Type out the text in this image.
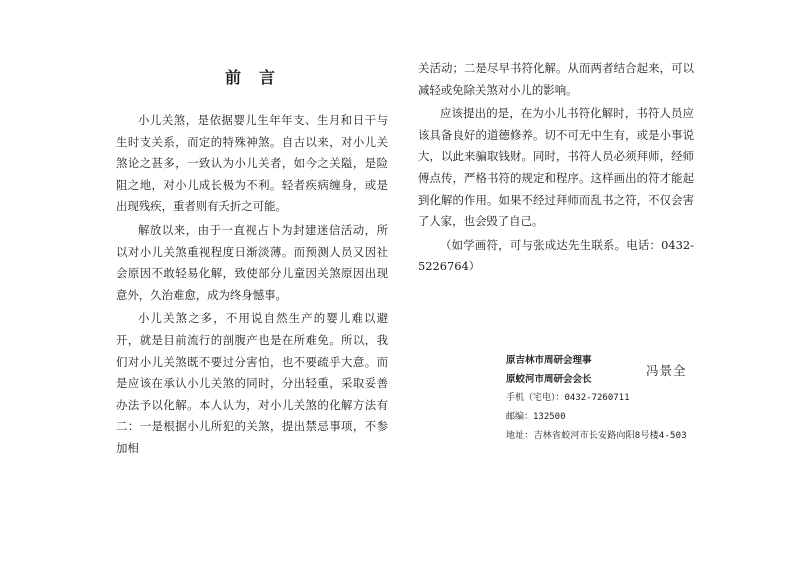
前言

小儿关煞，是依据婴儿生年年支、生月和日干与生时支关系，而定的特殊神煞。自古以来，对小儿关煞论之甚多，一致认为小儿关者，如今之关隘，是险阻之地，对小儿成长极为不利。轻者疾病缠身，或是出现残疾，重者则有夭折之可能。

解放以来，由于一直视占卜为封建迷信活动，所以对小儿关煞重视程度日渐淡薄。而预测人员又因社会原因不敢轻易化解，致使部分儿童因关煞原因出现意外，久治难愈，成为终身憾事。

小儿关煞之多，不用说自然生产的婴儿难以避开，就是目前流行的剖腹产也是在所难免。所以，我们对小儿关煞既不要过分害怕，也不要疏乎大意。而是应该在承认小儿关煞的同时，分出轻重，采取妥善办法予以化解。本人认为，对小儿关煞的化解方法有二：一是根据小儿所犯的关煞，提出禁忌事项，不参加相

关活动；二是尽早书符化解。从而两者结合起来，可以减轻或免除关煞对小儿的影响。

应该提出的是，在为小儿书符化解时，书符人员应该具备良好的道德修养。切不可无中生有，或是小事说大，以此来骗取钱财。同时，书符人员必须拜师，经师傅点传，严格书符的规定和程序。这样画出的符才能起到化解的作用。如果不经过拜师而乱书之符，不仅会害了人家，也会毁了自己。

（如学画符，可与张成达先生联系。电话：0432-5226764）

原吉林市周研会理事
原蛟河市周研会会长
手机（宅电）：0432-7260711
邮编：132500
地址：吉林省蛟河市长安路向阳8号楼4-503
冯景全
